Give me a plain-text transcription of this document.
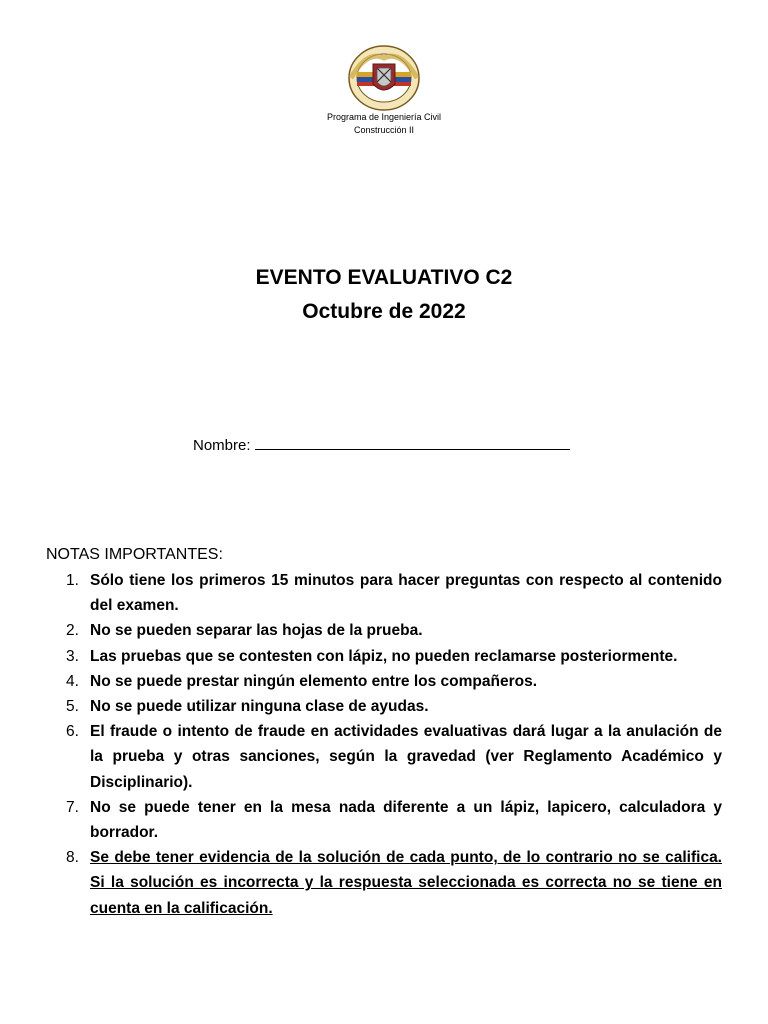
Programa de Ingeniería Civil
Construcción II
EVENTO EVALUATIVO C2
Octubre de 2022
Nombre:
NOTAS IMPORTANTES:
1. Sólo tiene los primeros 15 minutos para hacer preguntas con respecto al contenido del examen.
2. No se pueden separar las hojas de la prueba.
3. Las pruebas que se contesten con lápiz, no pueden reclamarse posteriormente.
4. No se puede prestar ningún elemento entre los compañeros.
5. No se puede utilizar ninguna clase de ayudas.
6. El fraude o intento de fraude en actividades evaluativas dará lugar a la anulación de la prueba y otras sanciones, según la gravedad (ver Reglamento Académico y Disciplinario).
7. No se puede tener en la mesa nada diferente a un lápiz, lapicero, calculadora y borrador.
8. Se debe tener evidencia de la solución de cada punto, de lo contrario no se califica. Si la solución es incorrecta y la respuesta seleccionada es correcta no se tiene en cuenta en la calificación.
